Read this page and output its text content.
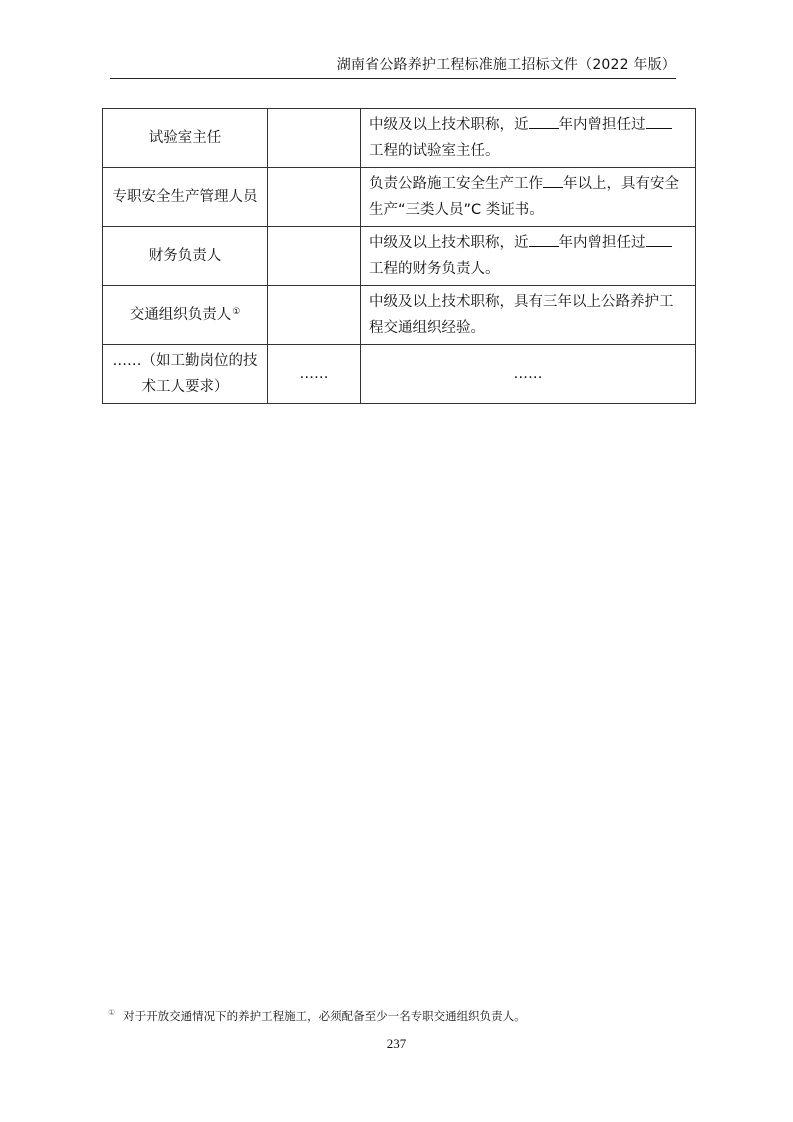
湖南省公路养护工程标准施工招标文件（2022 年版）
试验室主任		中级及以上技术职称，近 年内曾担任过
工程的试验室主任。
专职安全生产管理人员		负责公路施工安全生产工作 年以上，具有安全生产“三类人员”C 类证书。
财务负责人		中级及以上技术职称，近 年内曾担任过
工程的财务负责人。
交通组织负责人①		中级及以上技术职称，具有三年以上公路养护工程交通组织经验。
……（如工勤岗位的技术工人要求）	……	……
① 对于开放交通情况下的养护工程施工，必须配备至少一名专职交通组织负责人。
237
